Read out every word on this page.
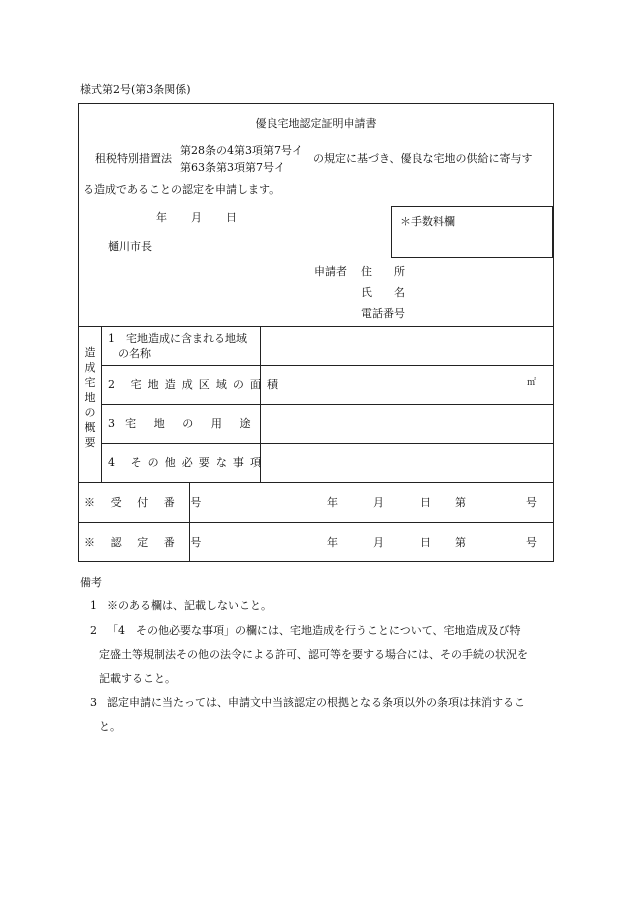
様式第2号(第3条関係)
優良宅地認定証明申請書
租税特別措置法
第28条の4第3項第7号イ
第63条第3項第7号イ
の規定に基づき、優良な宅地の供給に寄与す
る造成であることの認定を申請します。
年 月 日	＊手数料欄
樋川市長
申請者 住　　所
氏　　名
電話番号
造
成
宅
地
の
概
要
1　宅地造成に含まれる地域
の名称
2 宅地造成区域の面積	㎡
3 宅　地　の　用　途
4 その他必要な事項
※ 受 付 番 号	年	月	日 第	号
※ 認 定 番 号	年	月	日 第	号
備考
1 ※のある欄は、記載しないこと。
2 「4　その他必要な事項」の欄には、宅地造成を行うことについて、宅地造成及び特
定盛土等規制法その他の法令による許可、認可等を要する場合には、その手続の状況を
記載すること。
3 認定申請に当たっては、申請文中当該認定の根拠となる条項以外の条項は抹消するこ
と。
